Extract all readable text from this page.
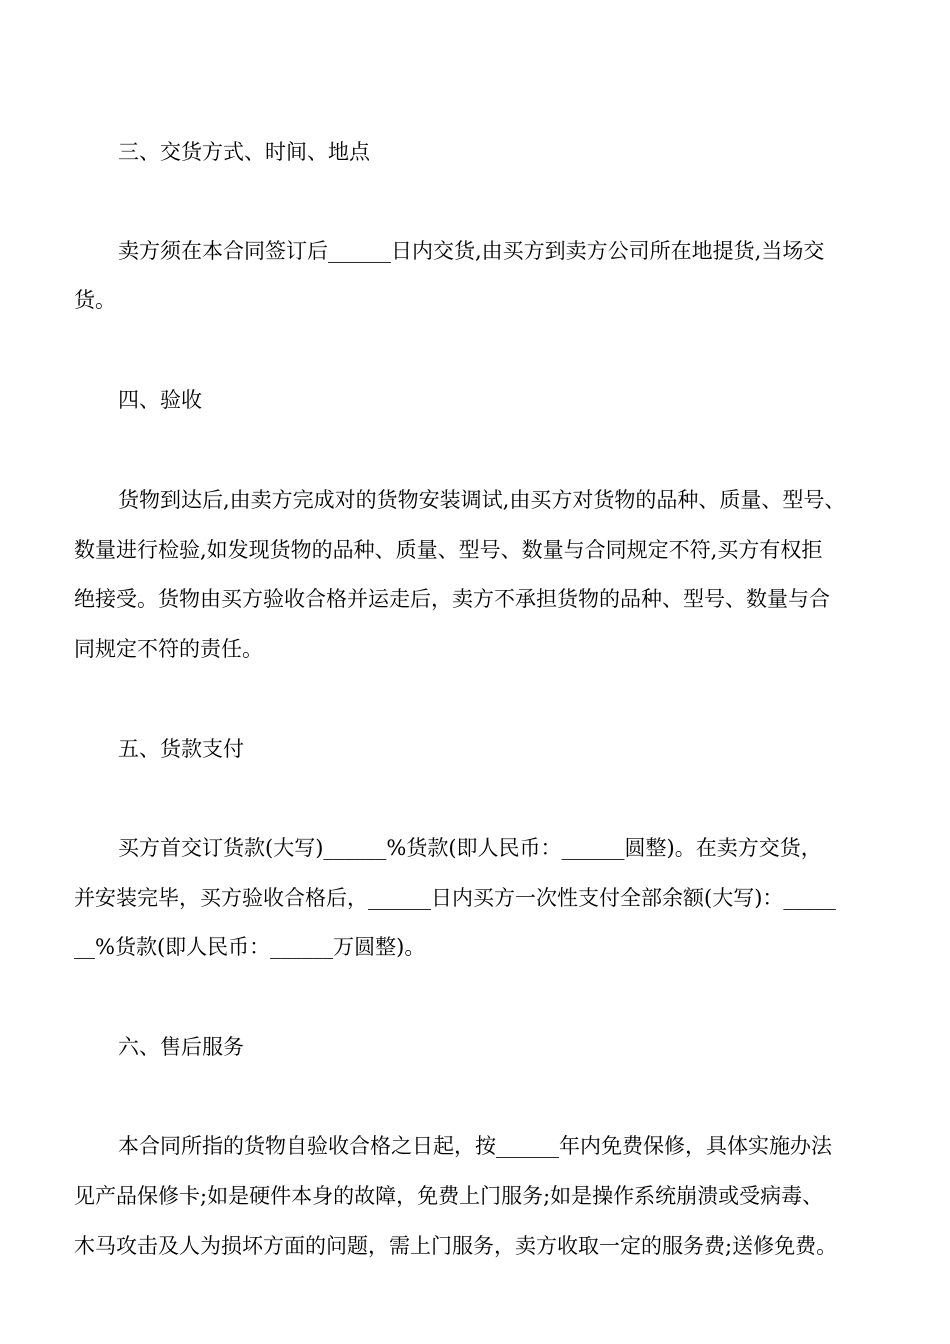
三、交货方式、时间、地点
卖方须在本合同签订后______日内交货,由买方到卖方公司所在地提货,当场交
货。
四、验收
货物到达后,由卖方完成对的货物安装调试,由买方对货物的品种、质量、型号、
数量进行检验,如发现货物的品种、质量、型号、数量与合同规定不符,买方有权拒
绝接受。货物由买方验收合格并运走后，卖方不承担货物的品种、型号、数量与合
同规定不符的责任。
五、货款支付
买方首交订货款(大写)______%货款(即人民币：______圆整)。在卖方交货，
并安装完毕，买方验收合格后，______日内买方一次性支付全部余额(大写)：_____
__%货款(即人民币：______万圆整)。
六、售后服务
本合同所指的货物自验收合格之日起，按______年内免费保修，具体实施办法
见产品保修卡;如是硬件本身的故障，免费上门服务;如是操作系统崩溃或受病毒、
木马攻击及人为损坏方面的问题，需上门服务，卖方收取一定的服务费;送修免费。
